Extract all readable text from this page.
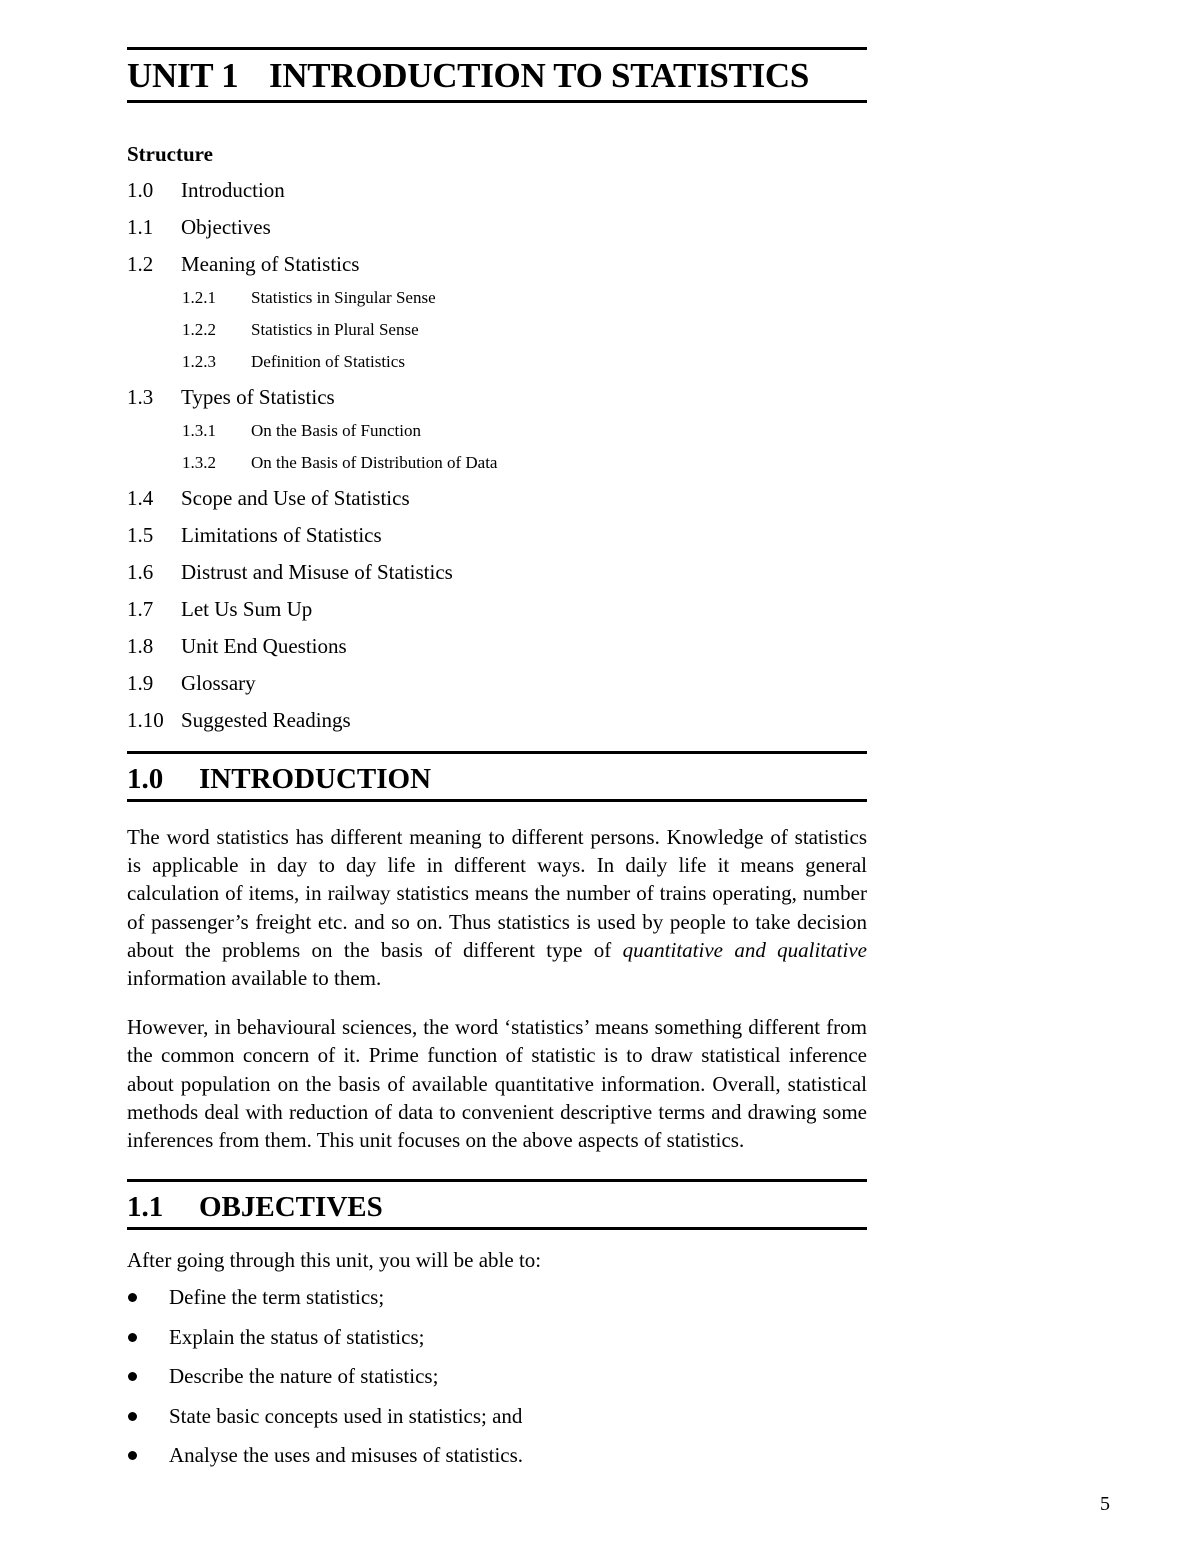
UNIT 1 INTRODUCTION TO STATISTICS
Structure
1.0 Introduction
1.1 Objectives
1.2 Meaning of Statistics
1.2.1 Statistics in Singular Sense
1.2.2 Statistics in Plural Sense
1.2.3 Definition of Statistics
1.3 Types of Statistics
1.3.1 On the Basis of Function
1.3.2 On the Basis of Distribution of Data
1.4 Scope and Use of Statistics
1.5 Limitations of Statistics
1.6 Distrust and Misuse of Statistics
1.7 Let Us Sum Up
1.8 Unit End Questions
1.9 Glossary
1.10 Suggested Readings
1.0 INTRODUCTION

The word statistics has different meaning to different persons. Knowledge of statistics is applicable in day to day life in different ways. In daily life it means general calculation of items, in railway statistics means the number of trains operating, number of passenger’s freight etc. and so on. Thus statistics is used by people to take decision about the problems on the basis of different type of quantitative and qualitative information available to them.

However, in behavioural sciences, the word ‘statistics’ means something different from the common concern of it. Prime function of statistic is to draw statistical inference about population on the basis of available quantitative information. Overall, statistical methods deal with reduction of data to convenient descriptive terms and drawing some inferences from them. This unit focuses on the above aspects of statistics.

1.1 OBJECTIVES
After going through this unit, you will be able to:
Define the term statistics;
Explain the status of statistics;
Describe the nature of statistics;
State basic concepts used in statistics; and
Analyse the uses and misuses of statistics.
5
